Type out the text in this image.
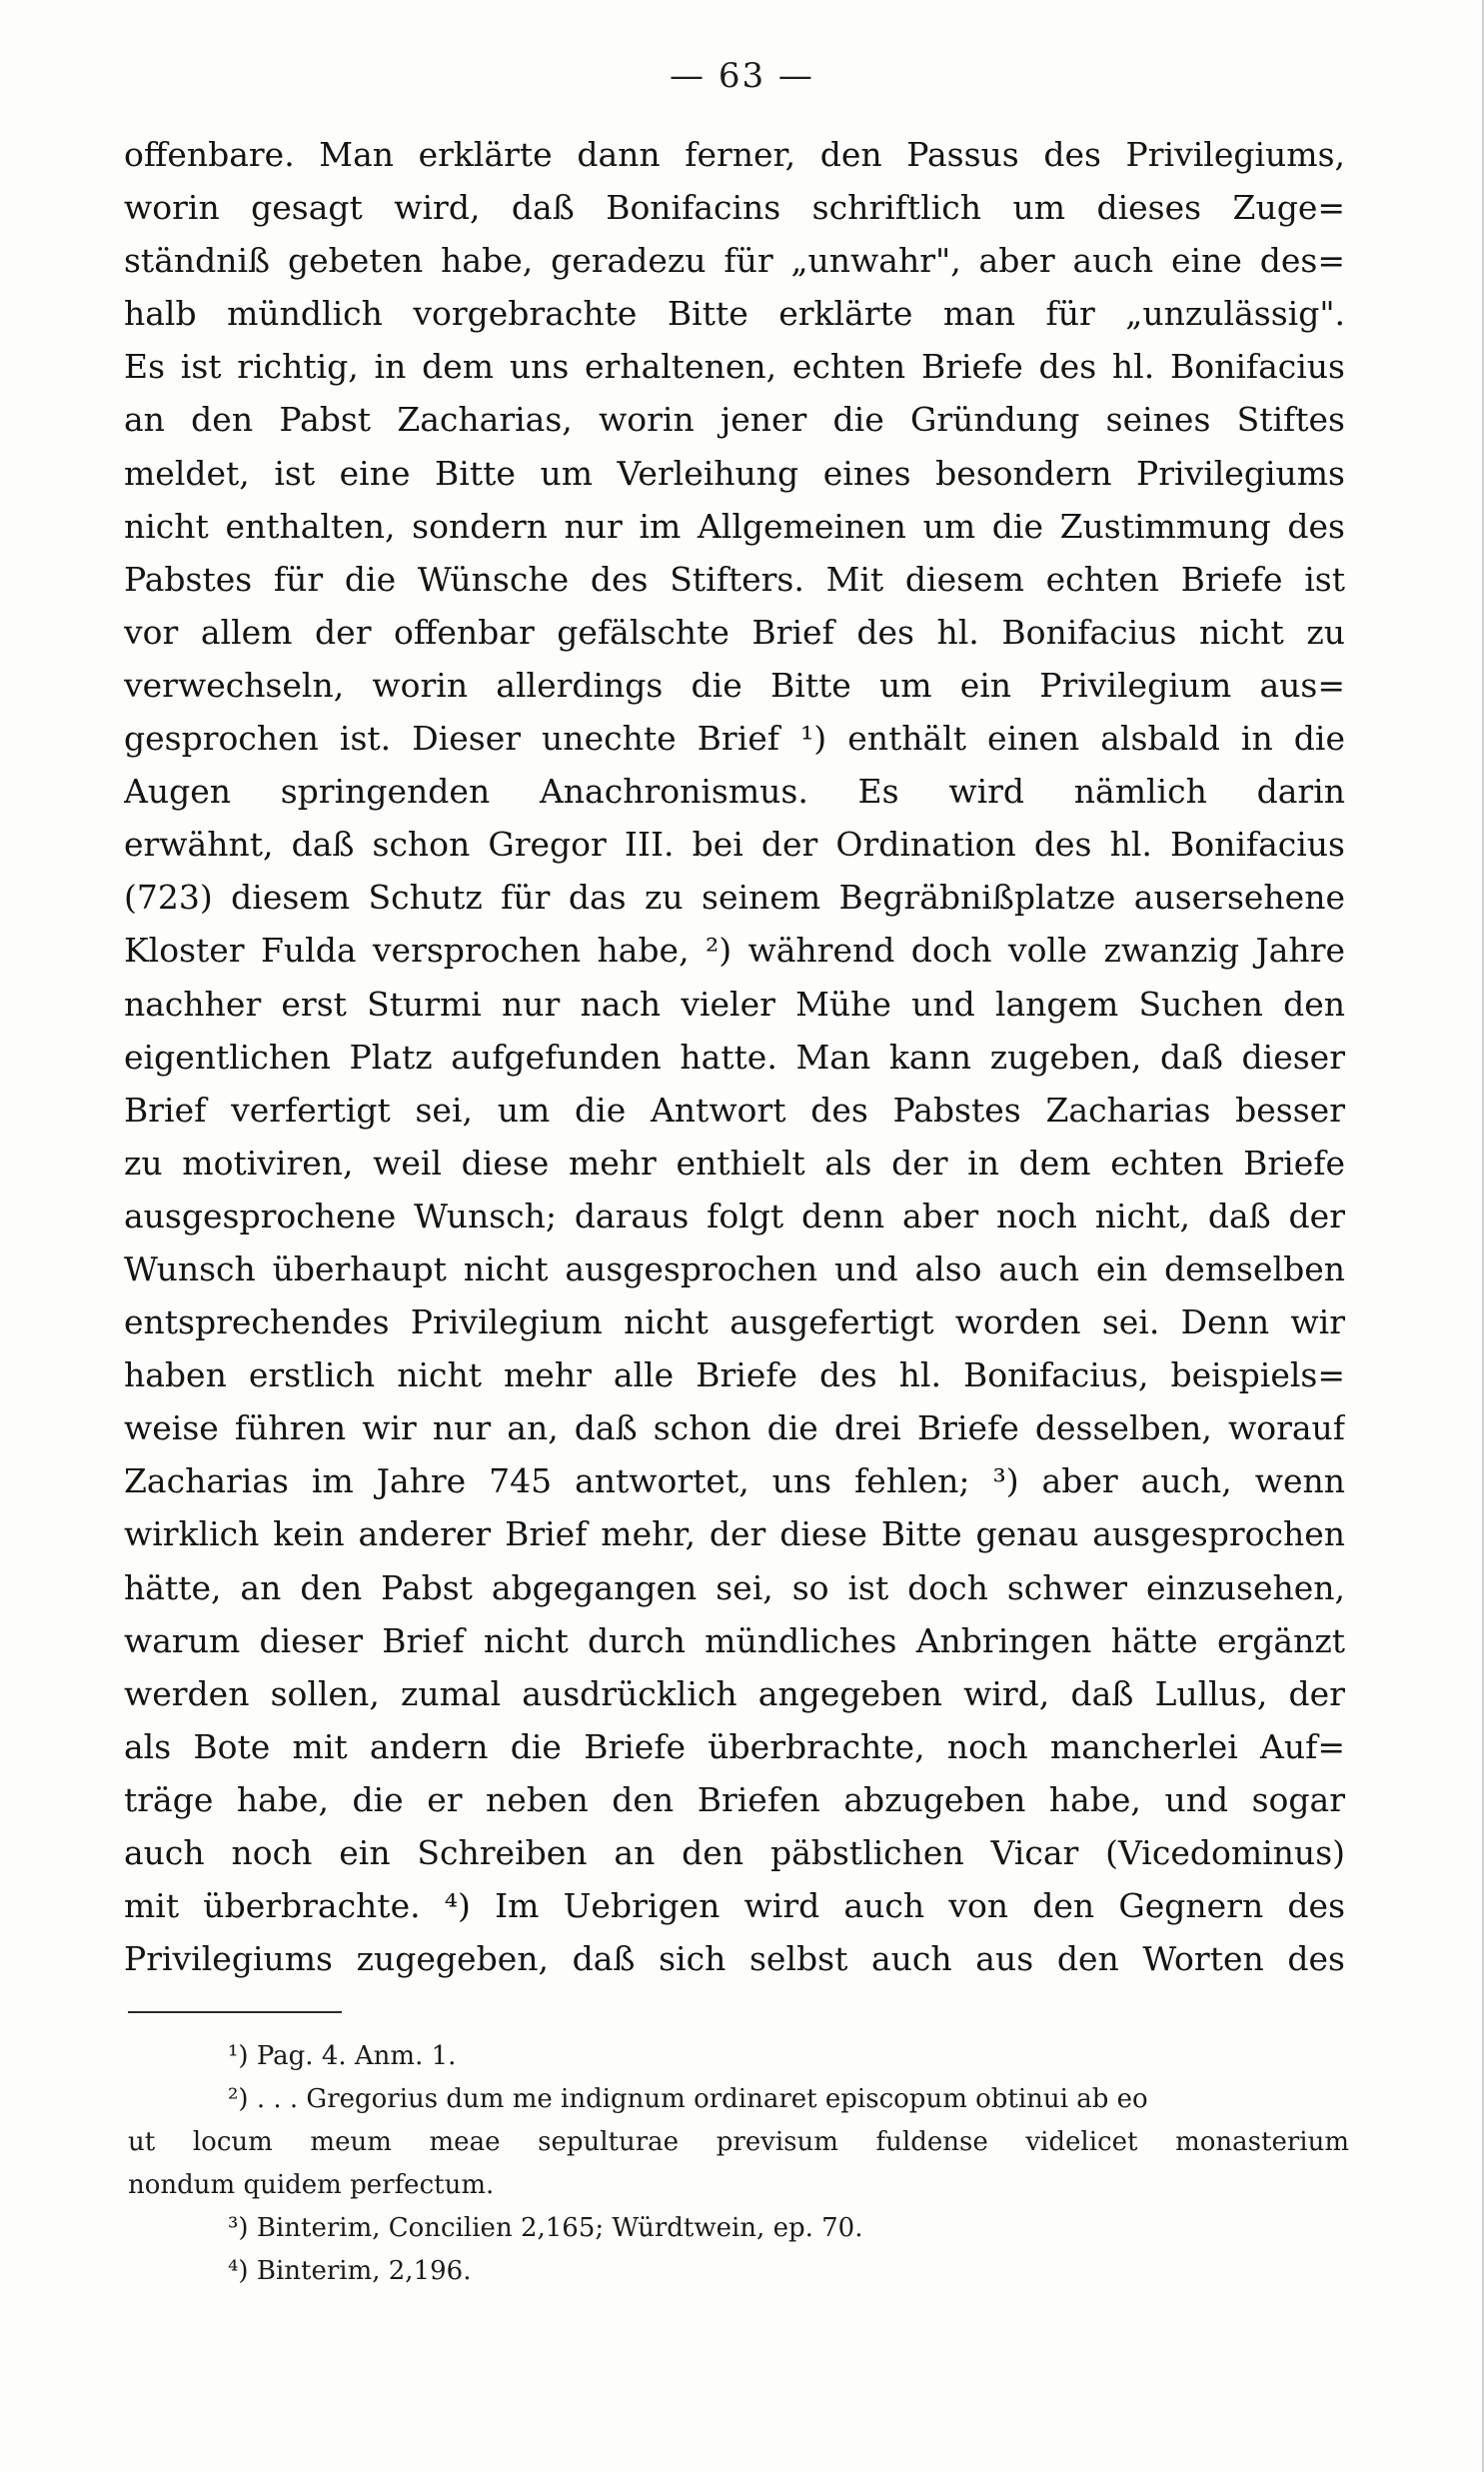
— 63 —
offenbare. Man erklärte dann ferner, den Passus des Privilegiums,
worin gesagt wird, daß Bonifacins schriftlich um dieses Zuge=
ständniß gebeten habe, geradezu für „unwahr", aber auch eine des=
halb mündlich vorgebrachte Bitte erklärte man für „unzulässig".
Es ist richtig, in dem uns erhaltenen, echten Briefe des hl. Bonifacius
an den Pabst Zacharias, worin jener die Gründung seines Stiftes
meldet, ist eine Bitte um Verleihung eines besondern Privilegiums
nicht enthalten, sondern nur im Allgemeinen um die Zustimmung des
Pabstes für die Wünsche des Stifters. Mit diesem echten Briefe ist
vor allem der offenbar gefälschte Brief des hl. Bonifacius nicht zu
verwechseln, worin allerdings die Bitte um ein Privilegium aus=
gesprochen ist. Dieser unechte Brief ¹) enthält einen alsbald in die
Augen springenden Anachronismus. Es wird nämlich darin
erwähnt, daß schon Gregor III. bei der Ordination des hl. Bonifacius
(723) diesem Schutz für das zu seinem Begräbnißplatze ausersehene
Kloster Fulda versprochen habe, ²) während doch volle zwanzig Jahre
nachher erst Sturmi nur nach vieler Mühe und langem Suchen den
eigentlichen Platz aufgefunden hatte. Man kann zugeben, daß dieser
Brief verfertigt sei, um die Antwort des Pabstes Zacharias besser
zu motiviren, weil diese mehr enthielt als der in dem echten Briefe
ausgesprochene Wunsch; daraus folgt denn aber noch nicht, daß der
Wunsch überhaupt nicht ausgesprochen und also auch ein demselben
entsprechendes Privilegium nicht ausgefertigt worden sei. Denn wir
haben erstlich nicht mehr alle Briefe des hl. Bonifacius, beispiels=
weise führen wir nur an, daß schon die drei Briefe desselben, worauf
Zacharias im Jahre 745 antwortet, uns fehlen; ³) aber auch, wenn
wirklich kein anderer Brief mehr, der diese Bitte genau ausgesprochen
hätte, an den Pabst abgegangen sei, so ist doch schwer einzusehen,
warum dieser Brief nicht durch mündliches Anbringen hätte ergänzt
werden sollen, zumal ausdrücklich angegeben wird, daß Lullus, der
als Bote mit andern die Briefe überbrachte, noch mancherlei Auf=
träge habe, die er neben den Briefen abzugeben habe, und sogar
auch noch ein Schreiben an den päbstlichen Vicar (Vicedominus)
mit überbrachte. ⁴) Im Uebrigen wird auch von den Gegnern des
Privilegiums zugegeben, daß sich selbst auch aus den Worten des
¹) Pag. 4. Anm. 1.
²) . . . Gregorius dum me indignum ordinaret episcopum obtinui ab eo
ut locum meum meae sepulturae previsum fuldense videlicet monasterium
nondum quidem perfectum.
³) Binterim, Concilien 2,165; Würdtwein, ep. 70.
⁴) Binterim, 2,196.
